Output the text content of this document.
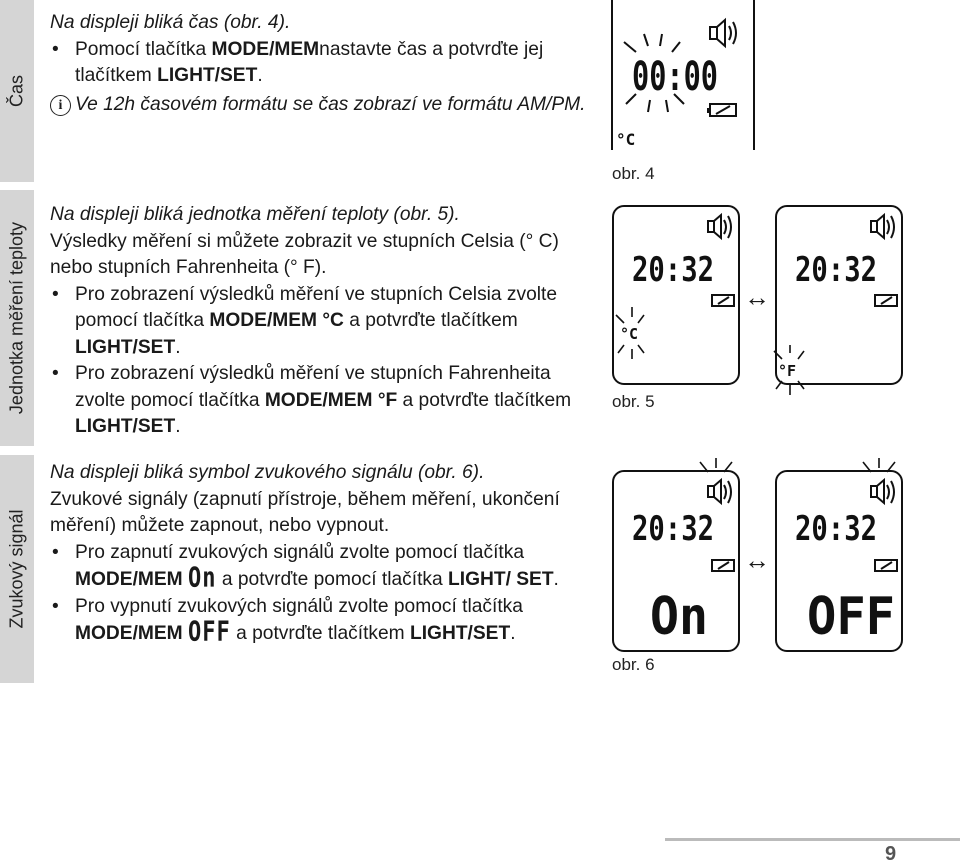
Čas
Jednotka měření teploty
Zvukový signál

Na displeji bliká čas (obr. 4).

• Pomocí tlačítka MODE/MEMnastavte čas a potvrďte jej tlačítkem LIGHT/SET.

i Ve 12h časovém formátu se čas zobrazí ve formátu AM/PM.

Na displeji bliká jednotka měření teploty (obr. 5).

Výsledky měření si můžete zobrazit ve stupních Celsia (° C) nebo stupních Fahrenheita (° F).

• Pro zobrazení výsledků měření ve stupních Celsia zvolte pomocí tlačítka MODE/MEM °C a potvrďte tlačítkem LIGHT/SET.

• Pro zobrazení výsledků měření ve stupních Fahrenheita zvolte pomocí tlačítka MODE/MEM °F a potvrďte tlačítkem LIGHT/SET.

Na displeji bliká symbol zvukového signálu (obr. 6).

Zvukové signály (zapnutí přístroje, během měření, ukončení měření) můžete zapnout, nebo vypnout.

• Pro zapnutí zvukových signálů zvolte pomocí tlačítka MODE/MEM On a potvrďte pomocí tlačítka LIGHT/ SET.

• Pro vypnutí zvukových signálů zvolte pomocí tlačítka MODE/MEM OFF a potvrďte tlačítkem LIGHT/SET.

00:00
°C
obr. 4
20:32
°C
↔
20:32
°F
obr. 5
20:32
On
↔
20:32
OFF
obr. 6
9
